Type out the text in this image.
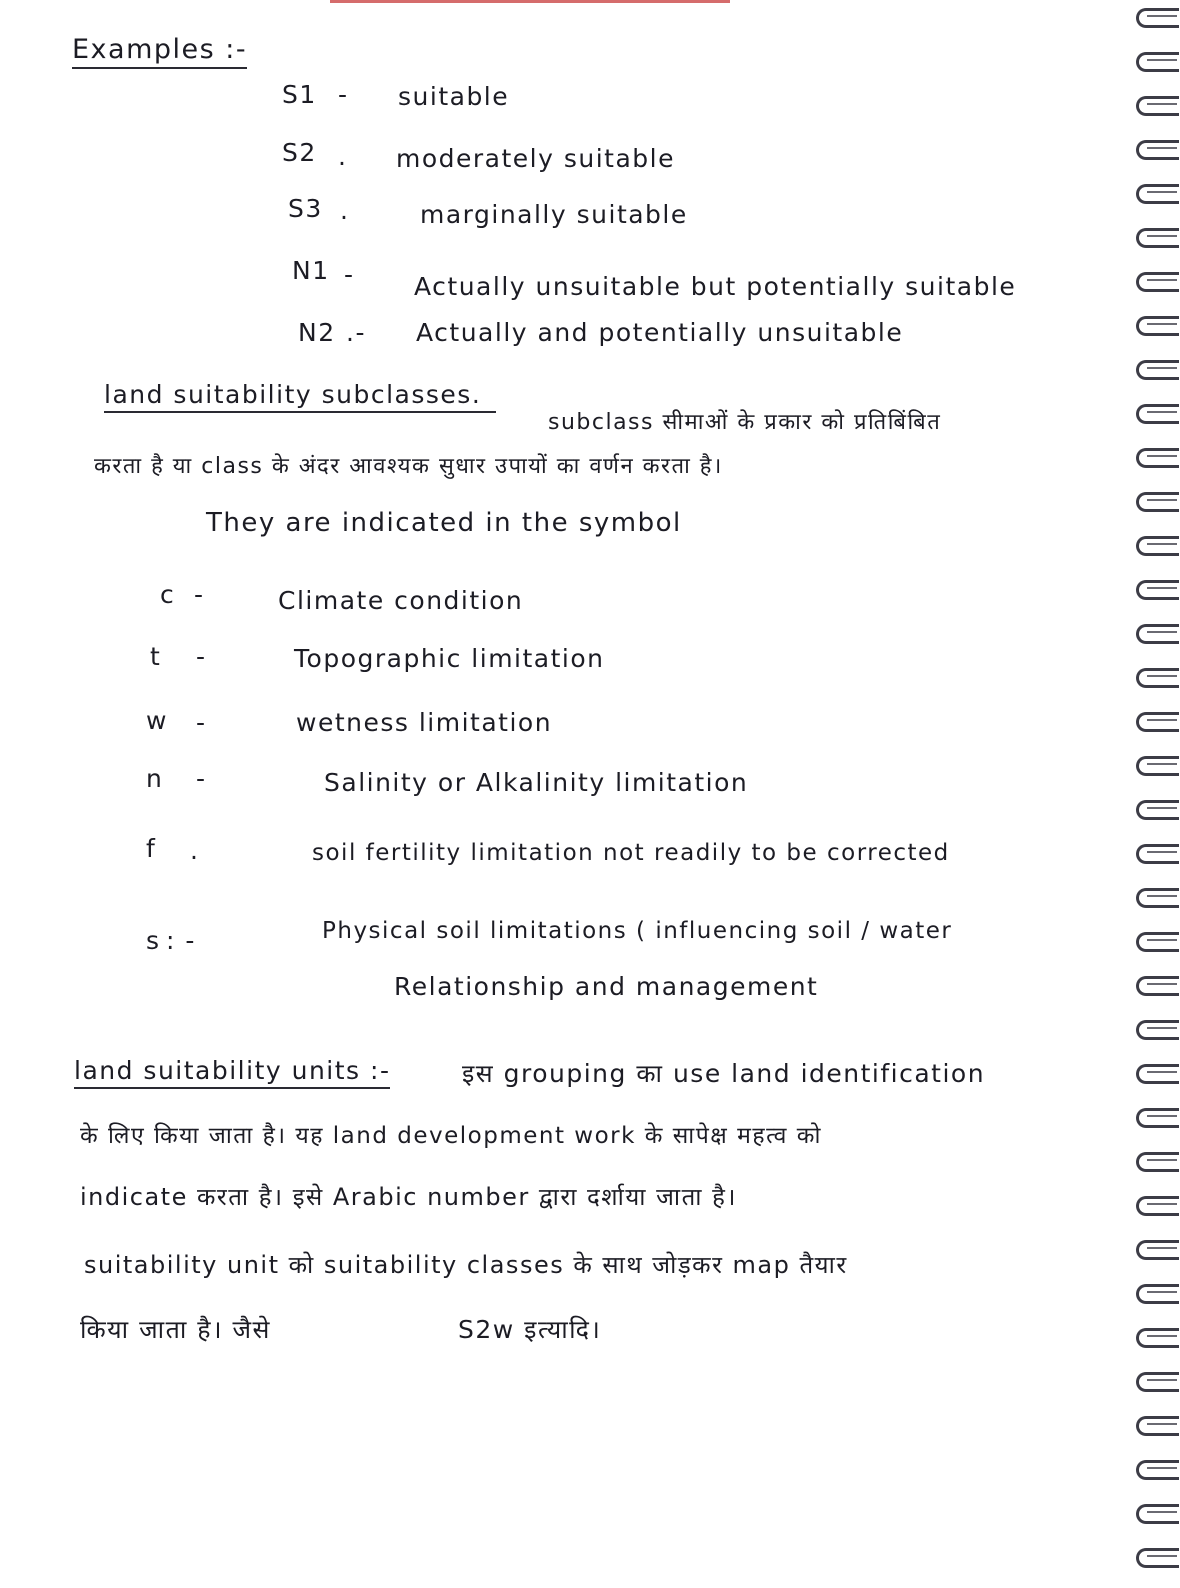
Examples :-
S1 - suitable
S2 . moderately suitable
S3 .	marginally suitable
N1 - Actually unsuitable but potentially suitable
N2 .- Actually and potentially unsuitable
land suitability subclasses.
subclass सीमाओं के प्रकार को प्रतिबिंबित
करता है या class के अंदर आवश्यक सुधार उपायों का वर्णन करता है।
They are indicated in the symbol
c -	Climate condition
t -	Topographic limitation
w -	wetness limitation
n -	Salinity or Alkalinity limitation
f .	soil fertility limitation not readily to be corrected
s : -	Physical soil limitations ( influencing soil / water
Relationship and management
land suitability units :-	इस grouping का use land identification
के लिए किया जाता है। यह land development work के सापेक्ष महत्व को
indicate करता है। इसे Arabic number द्वारा दर्शाया जाता है।
suitability unit को suitability classes के साथ जोड़कर map तैयार
किया जाता है। जैसे	S2w इत्यादि।
